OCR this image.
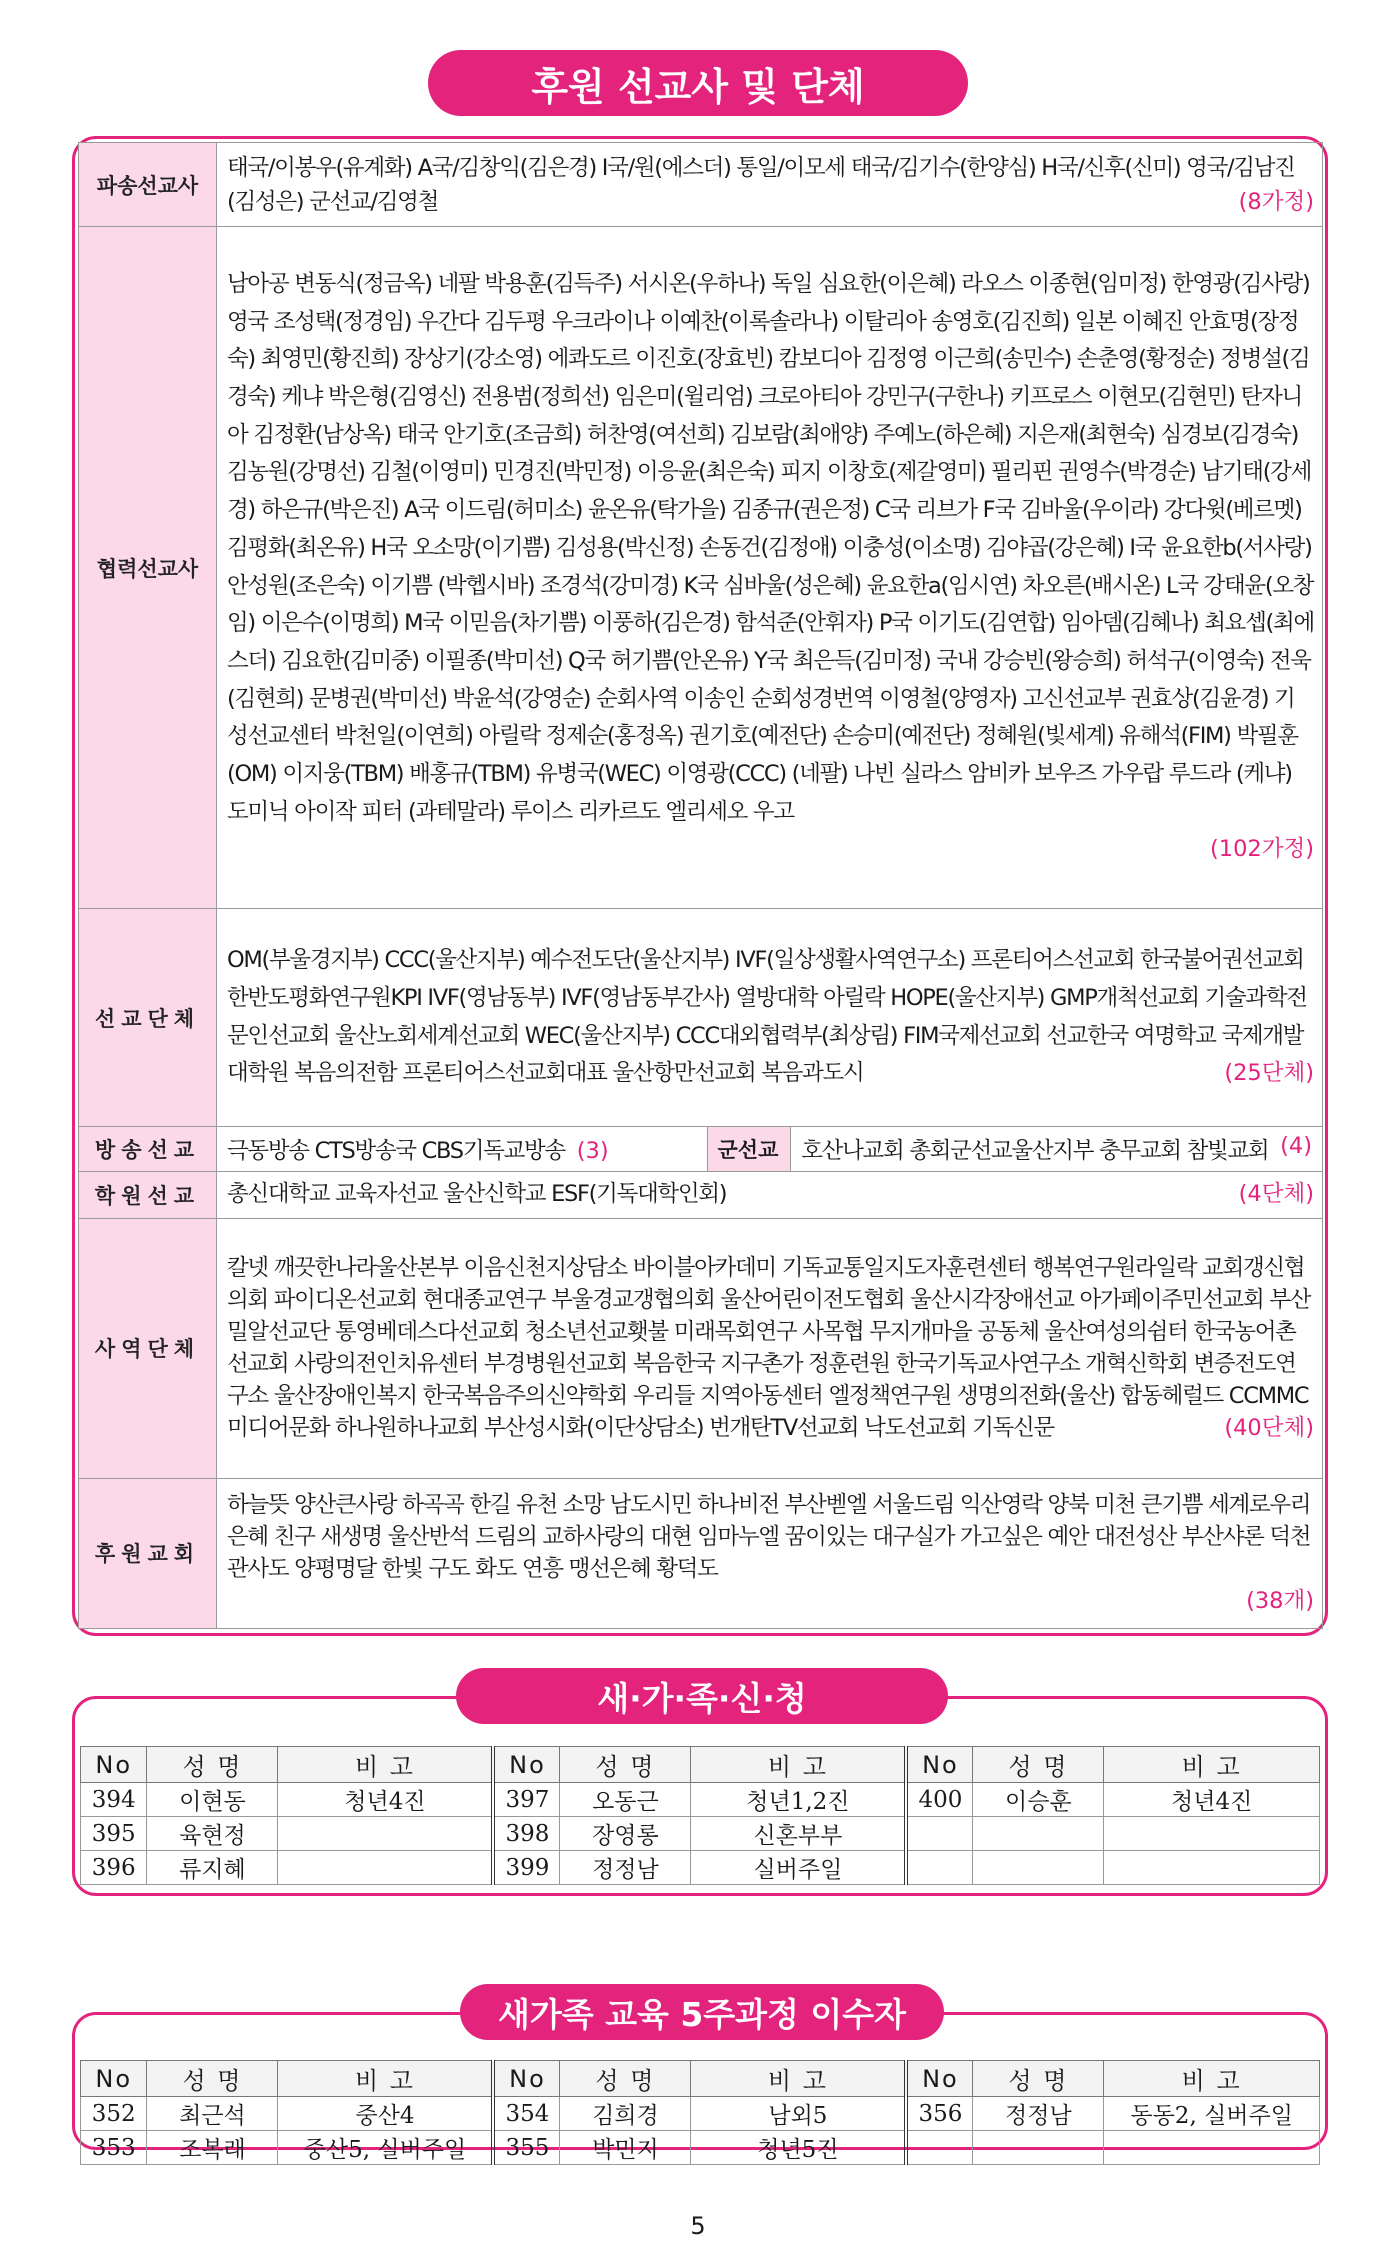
후원 선교사 및 단체
파송선교사	태국/이봉우(유계화) A국/김창익(김은경) I국/원(에스더) 통일/이모세 태국/김기수(한양심) H국/신후(신미) 영국/김남진(김성은) 군선교/김영철	(8가정)

협력선교사	남아공 변동식(정금옥) 네팔 박용훈(김득주) 서시온(우하나) 독일 심요한(이은혜) 라오스 이종현(임미정) 한영광(김사랑) 영국 조성택(정경임) 우간다 김두평 우크라이나 이예찬(이록솔라나) 이탈리아 송영호(김진희) 일본 이혜진 안효명(장정숙) 최영민(황진희) 장상기(강소영) 에콰도르 이진호(장효빈) 캄보디아 김정영 이근희(송민수) 손춘영(황정순) 정병설(김경숙) 케냐 박은형(김영신) 전용범(정희선) 임은미(윌리엄) 크로아티아 강민구(구한나) 키프로스 이현모(김현민) 탄자니아 김정환(남상옥) 태국 안기호(조금희) 허찬영(여선희) 김보람(최애양) 주예노(하은혜) 지은재(최현숙) 심경보(김경숙) 김농원(강명선) 김철(이영미) 민경진(박민정) 이응윤(최은숙) 피지 이창호(제갈영미) 필리핀 권영수(박경순) 남기태(강세경) 하은규(박은진) A국 이드림(허미소) 윤온유(탁가을) 김종규(권은정) C국 리브가 F국 김바울(우이라) 강다윗(베르멧) 김평화(최온유) H국 오소망(이기쁨) 김성용(박신정) 손동건(김정애) 이충성(이소명) 김야곱(강은혜) I국 윤요한b(서사랑) 안성원(조은숙) 이기쁨 (박헵시바) 조경석(강미경) K국 심바울(성은혜) 윤요한a(임시연) 차오른(배시온) L국 강태윤(오창임) 이은수(이명희) M국 이믿음(차기쁨) 이풍하(김은경) 함석준(안휘자) P국 이기도(김연합) 임아뎀(김혜나) 최요셉(최에스더) 김요한(김미중) 이필종(박미선) Q국 허기쁨(안온유) Y국 최은득(김미정) 국내 강승빈(왕승희) 허석구(이영숙) 전욱(김현희) 문병권(박미선) 박윤석(강영순) 순회사역 이송인 순회성경번역 이영철(양영자) 고신선교부 권효상(김윤경) 기성선교센터 박천일(이연희) 아릴락 정제순(홍정옥) 권기호(예전단) 손승미(예전단) 정혜원(빛세계) 유해석(FIM) 박필훈(OM) 이지웅(TBM) 배홍규(TBM) 유병국(WEC) 이영광(CCC) (네팔) 나빈 실라스 암비카 보우즈 가우랍 루드라 (케냐) 도미닉 아이작 피터 (과테말라) 루이스 리카르도 엘리세오 우고
(102가정)

선교단체	OM(부울경지부) CCC(울산지부) 예수전도단(울산지부) IVF(일상생활사역연구소) 프론티어스선교회 한국불어권선교회 한반도평화연구원KPI IVF(영남동부) IVF(영남동부간사) 열방대학 아릴락 HOPE(울산지부) GMP개척선교회 기술과학전문인선교회 울산노회세계선교회 WEC(울산지부) CCC대외협력부(최상림) FIM국제선교회 선교한국 여명학교 국제개발대학원 복음의전함 프론티어스선교회대표 울산항만선교회 복음과도시	(25단체)

방송선교	극동방송 CTS방송국 CBS기독교방송 (3)	군선교	호산나교회 총회군선교울산지부 충무교회 참빛교회 (4)

학원선교	총신대학교 교육자선교 울산신학교 ESF(기독대학인회)	(4단체)

사역단체	칼넷 깨끗한나라울산본부 이음신천지상담소 바이블아카데미 기독교통일지도자훈련센터 행복연구원라일락 교회갱신협의회 파이디온선교회 현대종교연구 부울경교갱협의회 울산어린이전도협회 울산시각장애선교 아가페이주민선교회 부산밀알선교단 통영베데스다선교회 청소년선교횃불 미래목회연구 사목협 무지개마을 공동체 울산여성의쉼터 한국농어촌선교회 사랑의전인치유센터 부경병원선교회 복음한국 지구촌가 정훈련원 한국기독교사연구소 개혁신학회 변증전도연구소 울산장애인복지 한국복음주의신약학회 우리들 지역아동센터 엘정책연구원 생명의전화(울산) 합동헤럴드 CCMMC미디어문화 하나원하나교회 부산성시화(이단상담소) 번개탄TV선교회 낙도선교회 기독신문	(40단체)

후원교회	하늘뜻 양산큰사랑 하곡곡 한길 유천 소망 남도시민 하나비전 부산벧엘 서울드림 익산영락 양북 미천 큰기쁨 세계로우리 은혜 친구 새생명 울산반석 드림의 교하사랑의 대현 임마누엘 꿈이있는 대구실가 가고싶은 예안 대전성산 부산샤론 덕천 관사도 양평명달 한빛 구도 화도 연흥 맹선은혜 황덕도
(38개)
새·가·족·신·청
No	성 명	비 고	No	성 명	비 고	No	성 명	비 고
394	이현동	청년4진	397	오동근	청년1,2진	400	이승훈	청년4진
395	육현정		398	장영롱	신혼부부			
396	류지혜		399	정정남	실버주일			
새가족 교육 5주과정 이수자
No	성 명	비 고	No	성 명	비 고	No	성 명	비 고
352	최근석	중산4	354	김희경	남외5	356	정정남	동동2, 실버주일
353	조복래	중산5, 실버주일	355	박민지	청년5진			
5
